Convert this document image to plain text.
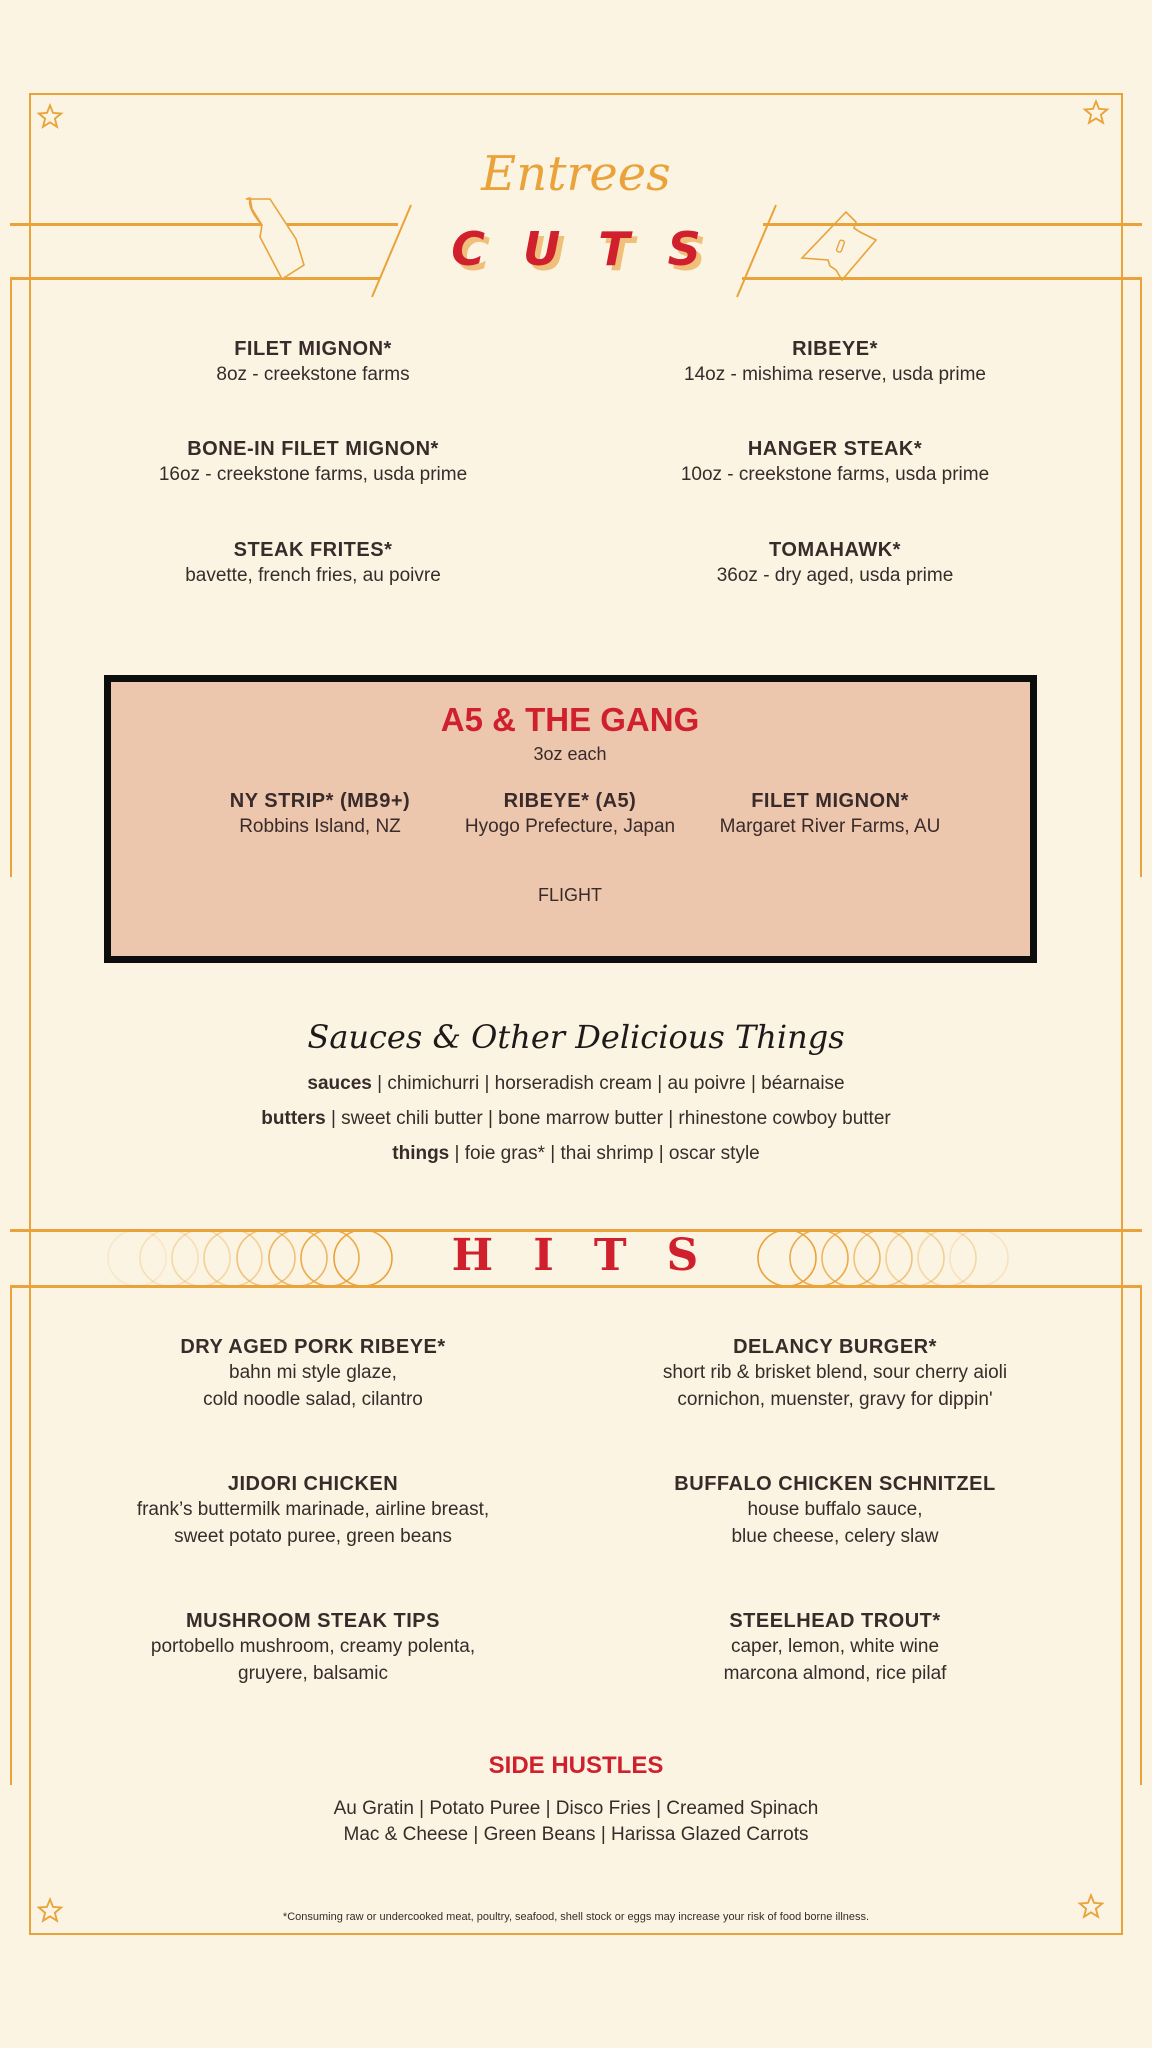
Entrees
CUTS
FILET MIGNON*
8oz - creekstone farms
BONE-IN FILET MIGNON*
16oz - creekstone farms, usda prime
STEAK FRITES*
bavette, french fries, au poivre
RIBEYE*
14oz - mishima reserve, usda prime
HANGER STEAK*
10oz - creekstone farms, usda prime
TOMAHAWK*
36oz - dry aged, usda prime
A5 & THE GANG
3oz each
NY STRIP* (MB9+)
Robbins Island, NZ
RIBEYE* (A5)
Hyogo Prefecture, Japan
FILET MIGNON*
Margaret River Farms, AU
FLIGHT
Sauces & Other Delicious Things
sauces | chimichurri | horseradish cream | au poivre | béarnaise
butters | sweet chili butter | bone marrow butter | rhinestone cowboy butter
things | foie gras* | thai shrimp | oscar style
HITS
DRY AGED PORK RIBEYE*
bahn mi style glaze,
cold noodle salad, cilantro
JIDORI CHICKEN
frank’s buttermilk marinade, airline breast,
sweet potato puree, green beans
MUSHROOM STEAK TIPS
portobello mushroom, creamy polenta,
gruyere, balsamic
DELANCY BURGER*
short rib & brisket blend, sour cherry aioli
cornichon, muenster, gravy for dippin'
BUFFALO CHICKEN SCHNITZEL
house buffalo sauce,
blue cheese, celery slaw
STEELHEAD TROUT*
caper, lemon, white wine
marcona almond, rice pilaf
SIDE HUSTLES
Au Gratin | Potato Puree | Disco Fries | Creamed Spinach
Mac & Cheese | Green Beans | Harissa Glazed Carrots
*Consuming raw or undercooked meat, poultry, seafood, shell stock or eggs may increase your risk of food borne illness.
